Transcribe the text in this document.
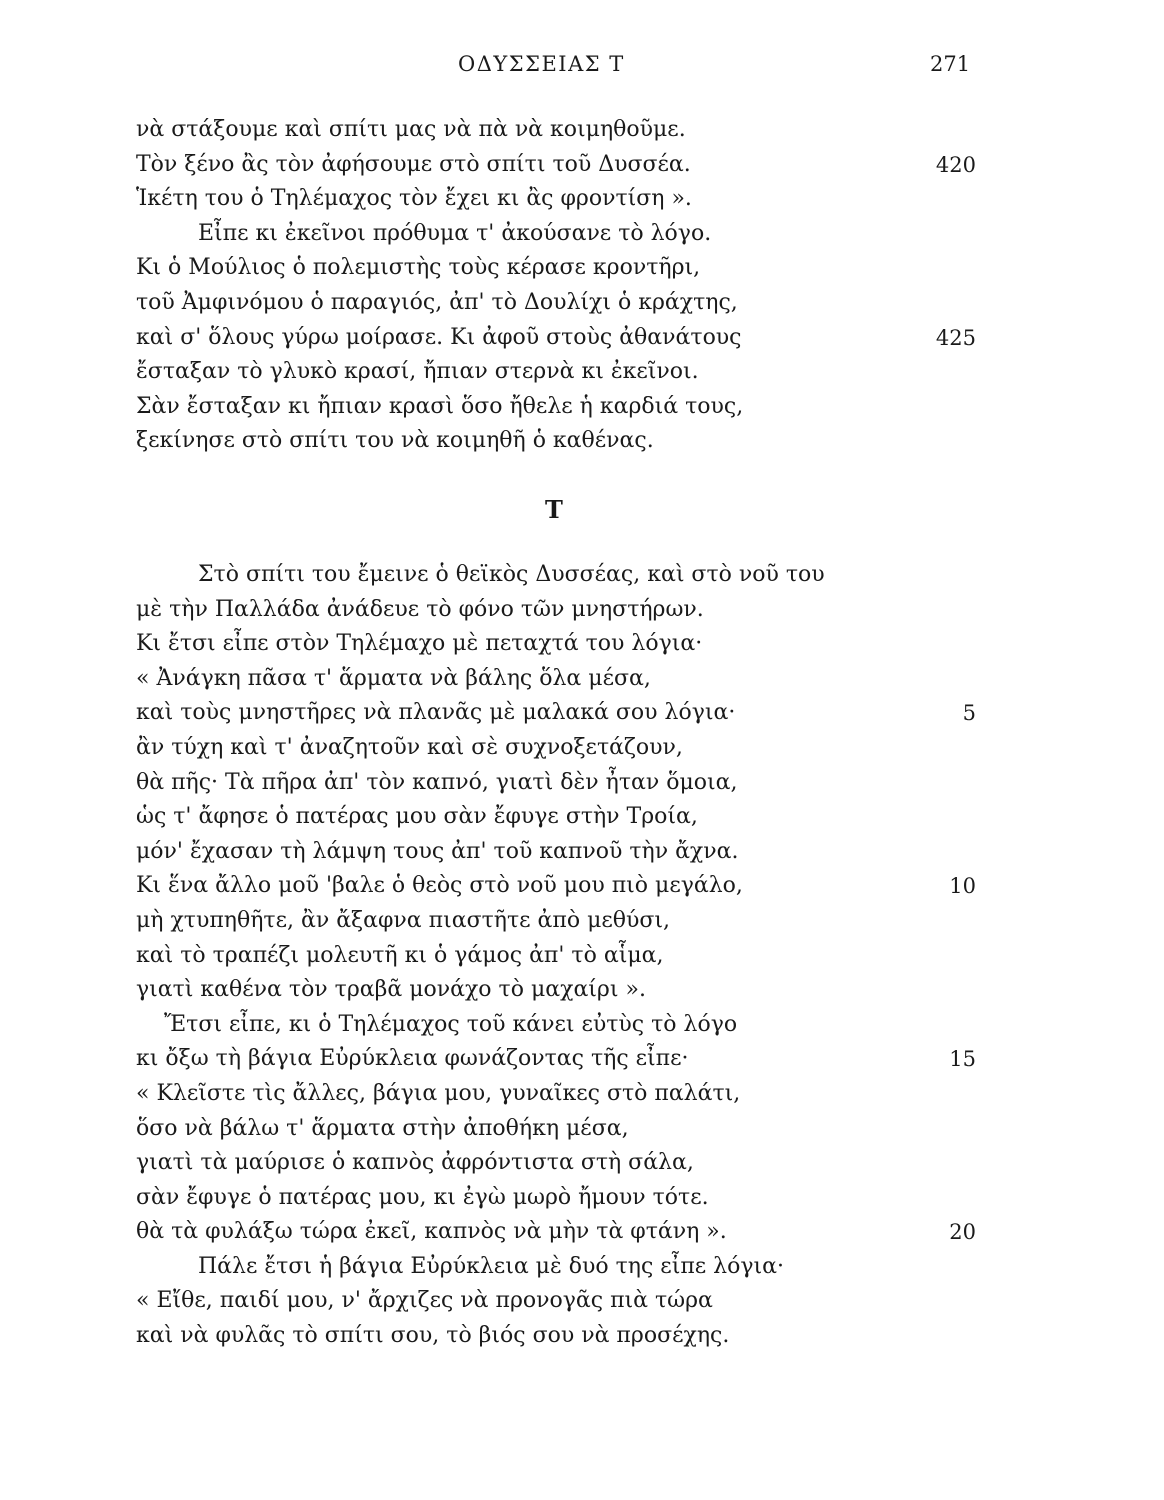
ΟΔΥΣΣΕΙΑΣ Τ	271
νὰ στάξουμε καὶ σπίτι μας νὰ πὰ νὰ κοιμηθοῦμε.
Τὸν ξένο ἂς τὸν ἀφήσουμε στὸ σπίτι τοῦ Δυσσέα.	420
Ἱκέτη του ὁ Τηλέμαχος τὸν ἔχει κι ἂς φροντίση ».
Εἶπε κι ἐκεῖνοι πρόθυμα τ' ἀκούσανε τὸ λόγο.
Κι ὁ Μούλιος ὁ πολεμιστὴς τοὺς κέρασε κροντῆρι,
τοῦ Ἀμφινόμου ὁ παραγιός, ἀπ' τὸ Δουλίχι ὁ κράχτης,
καὶ σ' ὅλους γύρω μοίρασε. Κι ἀφοῦ στοὺς ἀθανάτους	425
ἔσταξαν τὸ γλυκὸ κρασί, ἤπιαν στερνὰ κι ἐκεῖνοι.
Σὰν ἔσταξαν κι ἤπιαν κρασὶ ὅσο ἤθελε ἡ καρδιά τους,
ξεκίνησε στὸ σπίτι του νὰ κοιμηθῆ ὁ καθένας.
Τ
Στὸ σπίτι του ἔμεινε ὁ θεϊκὸς Δυσσέας, καὶ στὸ νοῦ του
μὲ τὴν Παλλάδα ἀνάδευε τὸ φόνο τῶν μνηστήρων.
Κι ἔτσι εἶπε στὸν Τηλέμαχο μὲ πεταχτά του λόγια·
« Ἀνάγκη πᾶσα τ' ἅρματα νὰ βάλης ὅλα μέσα,
καὶ τοὺς μνηστῆρες νὰ πλανᾶς μὲ μαλακά σου λόγια·	5
ἂν τύχη καὶ τ' ἀναζητοῦν καὶ σὲ συχνοξετάζουν,
θὰ πῆς· Τὰ πῆρα ἀπ' τὸν καπνό, γιατὶ δὲν ἦταν ὅμοια,
ὡς τ' ἄφησε ὁ πατέρας μου σὰν ἔφυγε στὴν Τροία,
μόν' ἔχασαν τὴ λάμψη τους ἀπ' τοῦ καπνοῦ τὴν ἄχνα.
Κι ἕνα ἄλλο μοῦ 'βαλε ὁ θεὸς στὸ νοῦ μου πιὸ μεγάλο,	10
μὴ χτυπηθῆτε, ἂν ἄξαφνα πιαστῆτε ἀπὸ μεθύσι,
καὶ τὸ τραπέζι μολευτῆ κι ὁ γάμος ἀπ' τὸ αἷμα,
γιατὶ καθένα τὸν τραβᾶ μονάχο τὸ μαχαίρι ».
Ἔτσι εἶπε, κι ὁ Τηλέμαχος τοῦ κάνει εὐτὺς τὸ λόγο
κι ὄξω τὴ βάγια Εὐρύκλεια φωνάζοντας τῆς εἶπε·	15
« Κλεῖστε τὶς ἄλλες, βάγια μου, γυναῖκες στὸ παλάτι,
ὅσο νὰ βάλω τ' ἅρματα στὴν ἀποθήκη μέσα,
γιατὶ τὰ μαύρισε ὁ καπνὸς ἀφρόντιστα στὴ σάλα,
σὰν ἔφυγε ὁ πατέρας μου, κι ἐγὼ μωρὸ ἤμουν τότε.
θὰ τὰ φυλάξω τώρα ἐκεῖ, καπνὸς νὰ μὴν τὰ φτάνη ».	20
Πάλε ἔτσι ἡ βάγια Εὐρύκλεια μὲ δυό της εἶπε λόγια·
« Εἴθε, παιδί μου, ν' ἄρχιζες νὰ προνογᾶς πιὰ τώρα
καὶ νὰ φυλᾶς τὸ σπίτι σου, τὸ βιός σου νὰ προσέχης.
